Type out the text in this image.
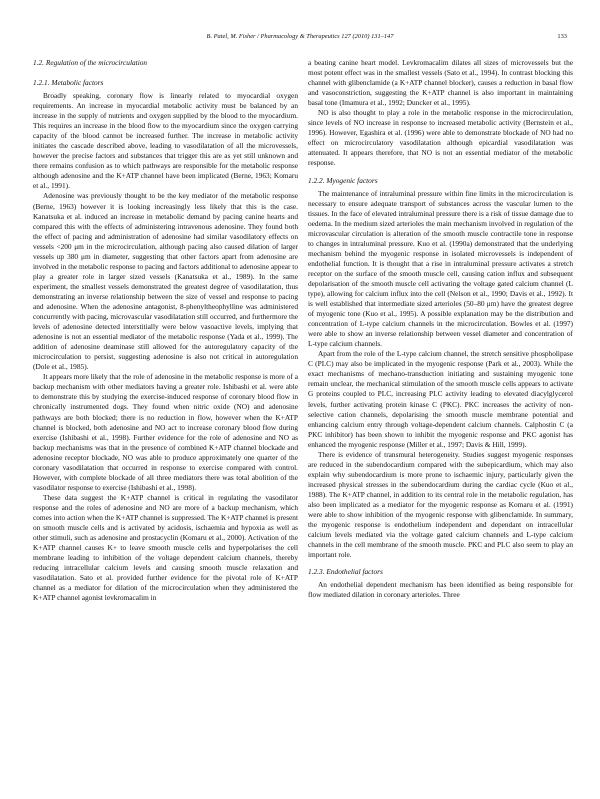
B. Patel, M. Fisher / Pharmacology & Therapeutics 127 (2010) 131–147	133
1.2. Regulation of the microcirculation
1.2.1. Metabolic factors

Broadly speaking, coronary flow is linearly related to myocardial oxygen requirements. An increase in myocardial metabolic activity must be balanced by an increase in the supply of nutrients and oxygen supplied by the blood to the myocardium. This requires an increase in the blood flow to the myocardium since the oxygen carrying capacity of the blood cannot be increased further. The increase in metabolic activity initiates the cascade described above, leading to vasodilatation of all the microvessels, however the precise factors and substances that trigger this are as yet still unknown and there remains confusion as to which pathways are responsible for the metabolic response although adenosine and the K+ATP channel have been implicated (Berne, 1963; Komaru et al., 1991).

Adenosine was previously thought to be the key mediator of the metabolic response (Berne, 1963) however it is looking increasingly less likely that this is the case. Kanatsuka et al. induced an increase in metabolic demand by pacing canine hearts and compared this with the effects of administering intravenous adenosine. They found both the effect of pacing and administration of adenosine had similar vasodilatory effects on vessels <200 μm in the microcirculation, although pacing also caused dilation of larger vessels up 380 μm in diameter, suggesting that other factors apart from adenosine are involved in the metabolic response to pacing and factors additional to adenosine appear to play a greater role in larger sized vessels (Kanatsuka et al., 1989). In the same experiment, the smallest vessels demonstrated the greatest degree of vasodilatation, thus demonstrating an inverse relationship between the size of vessel and response to pacing and adenosine. When the adenosine antagonist, 8-phenyltheophylline was administered concurrently with pacing, microvascular vasodilatation still occurred, and furthermore the levels of adenosine detected interstitially were below vasoactive levels, implying that adenosine is not an essential mediator of the metabolic response (Yada et al., 1999). The addition of adenosine deaminase still allowed for the autoregulatory capacity of the microcirculation to persist, suggesting adenosine is also not critical in autoregulation (Dole et al., 1985).

It appears more likely that the role of adenosine in the metabolic response is more of a backup mechanism with other mediators having a greater role. Ishibashi et al. were able to demonstrate this by studying the exercise-induced response of coronary blood flow in chronically instrumented dogs. They found when nitric oxide (NO) and adenosine pathways are both blocked; there is no reduction in flow, however when the K+ATP channel is blocked, both adenosine and NO act to increase coronary blood flow during exercise (Ishibashi et al., 1998). Further evidence for the role of adenosine and NO as backup mechanisms was that in the presence of combined K+ATP channel blockade and adenosine receptor blockade, NO was able to produce approximately one quarter of the coronary vasodilatation that occurred in response to exercise compared with control. However, with complete blockade of all three mediators there was total abolition of the vasodilator response to exercise (Ishibashi et al., 1998).

These data suggest the K+ATP channel is critical in regulating the vasodilator response and the roles of adenosine and NO are more of a backup mechanism, which comes into action when the K+ATP channel is suppressed. The K+ATP channel is present on smooth muscle cells and is activated by acidosis, ischaemia and hypoxia as well as other stimuli, such as adenosine and prostacyclin (Komaru et al., 2000). Activation of the K+ATP channel causes K+ to leave smooth muscle cells and hyperpolarises the cell membrane leading to inhibition of the voltage dependent calcium channels, thereby reducing intracellular calcium levels and causing smooth muscle relaxation and vasodilatation. Sato et al. provided further evidence for the pivotal role of K+ATP channel as a mediator for dilation of the microcirculation when they administered the K+ATP channel agonist levkromacalim in

a beating canine heart model. Levkromacalim dilates all sizes of microvessels but the most potent effect was in the smallest vessels (Sato et al., 1994). In contrast blocking this channel with glibenclamide (a K+ATP channel blocker), causes a reduction in basal flow and vasoconstriction, suggesting the K+ATP channel is also important in maintaining basal tone (Imamura et al., 1992; Duncker et al., 1995).

NO is also thought to play a role in the metabolic response in the microcirculation, since levels of NO increase in response to increased metabolic activity (Bernstein et al., 1996). However, Egashira et al. (1996) were able to demonstrate blockade of NO had no effect on microcirculatory vasodilatation although epicardial vasodilatation was attenuated. It appears therefore, that NO is not an essential mediator of the metabolic response.

1.2.2. Myogenic factors

The maintenance of intraluminal pressure within fine limits in the microcirculation is necessary to ensure adequate transport of substances across the vascular lumen to the tissues. In the face of elevated intraluminal pressure there is a risk of tissue damage due to oedema. In the medium sized arterioles the main mechanism involved in regulation of the microvascular circulation is alteration of the smooth muscle contractile tone in response to changes in intraluminal pressure. Kuo et al. (1990a) demonstrated that the underlying mechanism behind the myogenic response in isolated microvessels is independent of endothelial function. It is thought that a rise in intraluminal pressure activates a stretch receptor on the surface of the smooth muscle cell, causing cation influx and subsequent depolarisation of the smooth muscle cell activating the voltage gated calcium channel (L type), allowing for calcium influx into the cell (Nelson et al., 1990; Davis et al., 1992). It is well established that intermediate sized arterioles (50–80 μm) have the greatest degree of myogenic tone (Kuo et al., 1995). A possible explanation may be the distribution and concentration of L-type calcium channels in the microcirculation. Bowles et al. (1997) were able to show an inverse relationship between vessel diameter and concentration of L-type calcium channels.

Apart from the role of the L-type calcium channel, the stretch sensitive phospholipase C (PLC) may also be implicated in the myogenic response (Park et al., 2003). While the exact mechanisms of mechano-transduction initiating and sustaining myogenic tone remain unclear, the mechanical stimulation of the smooth muscle cells appears to activate G proteins coupled to PLC, increasing PLC activity leading to elevated diacylglycerol levels, further activating protein kinase C (PKC). PKC increases the activity of non-selective cation channels, depolarising the smooth muscle membrane potential and enhancing calcium entry through voltage-dependent calcium channels. Calphostin C (a PKC inhibitor) has been shown to inhibit the myogenic response and PKC agonist has enhanced the myogenic response (Miller et al., 1997; Davis & Hill, 1999).

There is evidence of transmural heterogeneity. Studies suggest myogenic responses are reduced in the subendocardium compared with the subepicardium, which may also explain why subendocardium is more prone to ischaemic injury, particularly given the increased physical stresses in the subendocardium during the cardiac cycle (Kuo et al., 1988). The K+ATP channel, in addition to its central role in the metabolic regulation, has also been implicated as a mediator for the myogenic response as Komaru et al. (1991) were able to show inhibition of the myogenic response with glibenclamide. In summary, the myogenic response is endothelium independent and dependant on intracellular calcium levels mediated via the voltage gated calcium channels and L-type calcium channels in the cell membrane of the smooth muscle. PKC and PLC also seem to play an important role.

1.2.3. Endothelial factors

An endothelial dependent mechanism has been identified as being responsible for flow mediated dilation in coronary arterioles. Three
